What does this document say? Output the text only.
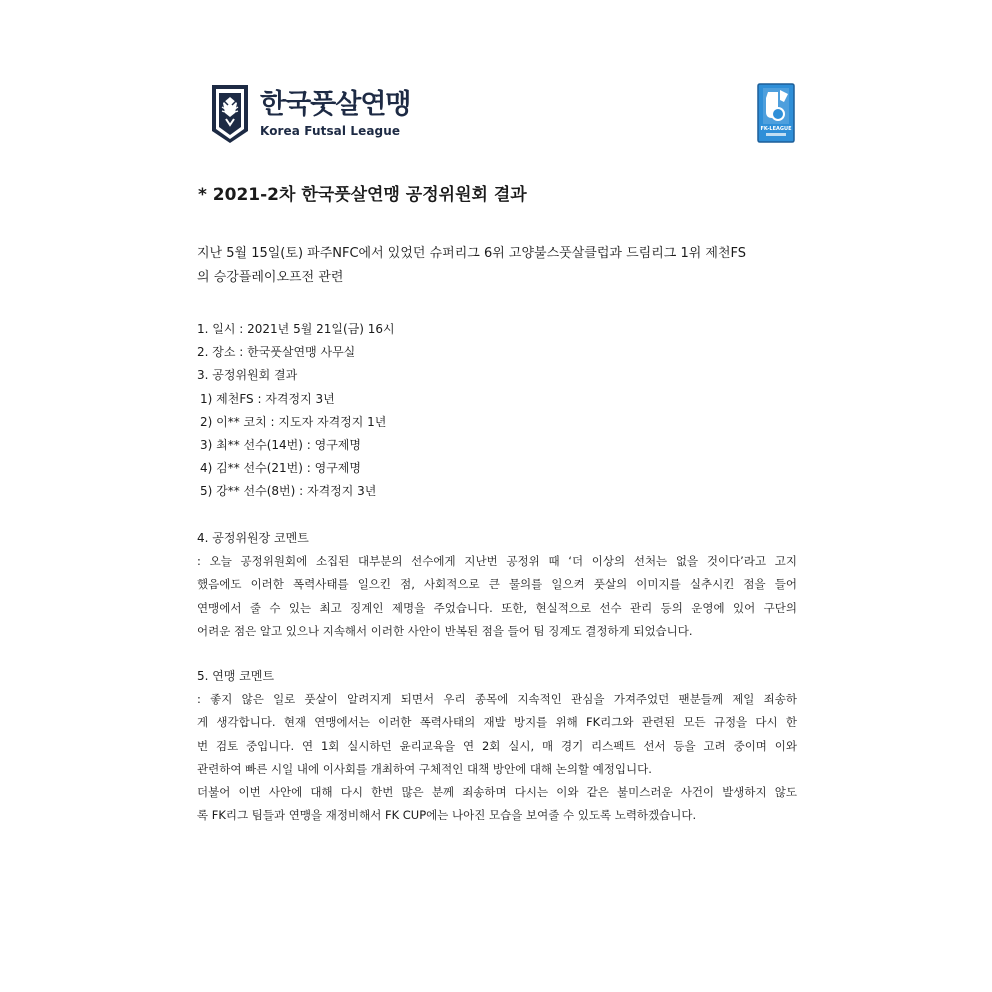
한국풋살연맹
Korea Futsal League	FK-LEAGUE
* 2021-2차 한국풋살연맹 공정위원회 결과
지난 5월 15일(토) 파주NFC에서 있었던 슈퍼리그 6위 고양불스풋살클럽과 드림리그 1위 제천FS
의 승강플레이오프전 관련
1. 일시 : 2021년 5월 21일(금) 16시
2. 장소 : 한국풋살연맹 사무실
3. 공정위원회 결과
1) 제천FS : 자격정지 3년
2) 이** 코치 : 지도자 자격정지 1년
3) 최** 선수(14번) : 영구제명
4) 김** 선수(21번) : 영구제명
5) 강** 선수(8번) : 자격정지 3년
4. 공정위원장 코멘트
: 오늘 공정위원회에 소집된 대부분의 선수에게 지난번 공정위 때 ‘더 이상의 선처는 없을 것이다’라고 고지
했음에도 이러한 폭력사태를 일으킨 점, 사회적으로 큰 물의를 일으켜 풋살의 이미지를 실추시킨 점을 들어
연맹에서 줄 수 있는 최고 징계인 제명을 주었습니다. 또한, 현실적으로 선수 관리 등의 운영에 있어 구단의
어려운 점은 알고 있으나 지속해서 이러한 사안이 반복된 점을 들어 팀 징계도 결정하게 되었습니다.
5. 연맹 코멘트
: 좋지 않은 일로 풋살이 알려지게 되면서 우리 종목에 지속적인 관심을 가져주었던 팬분들께 제일 죄송하
게 생각합니다. 현재 연맹에서는 이러한 폭력사태의 재발 방지를 위해 FK리그와 관련된 모든 규정을 다시 한
번 검토 중입니다. 연 1회 실시하던 윤리교육을 연 2회 실시, 매 경기 리스펙트 선서 등을 고려 중이며 이와
관련하여 빠른 시일 내에 이사회를 개최하여 구체적인 대책 방안에 대해 논의할 예정입니다.
더불어 이번 사안에 대해 다시 한번 많은 분께 죄송하며 다시는 이와 같은 불미스러운 사건이 발생하지 않도
록 FK리그 팀들과 연맹을 재정비해서 FK CUP에는 나아진 모습을 보여줄 수 있도록 노력하겠습니다.
